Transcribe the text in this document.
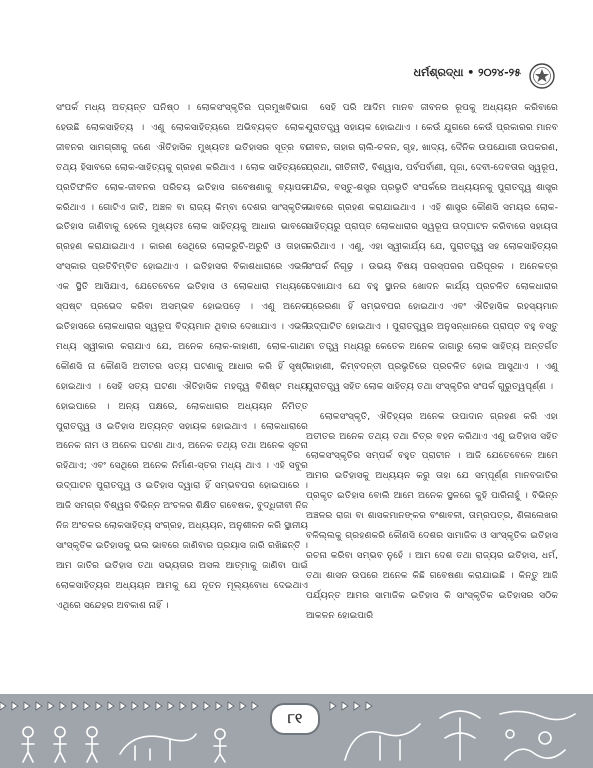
ଧର୍ମଶ୍ରଦ୍ଧା • ୨୦୨୪-୨୫

ସଂପର୍କ ମଧ୍ୟ ଅତ୍ୟନ୍ତ ଘନିଷ୍ଠ । ଲୋକସଂସ୍କୃତିର ପ୍ରମୁଖବିଭାଗ ହେଉଛି ଲୋକସାହିତ୍ୟ । ଏଣୁ ଲୋକସାହିତ୍ୟରେ ଅଭିବ୍ୟକ୍ତ ଲୋକ-ଜୀବନର ସାମଗ୍ରୀକୁ ଜଣେ ଐତିହାସିକ ମୁଖ୍ୟତଃ ଇତିହାସର ସୂତ୍ର ବା ତଥ୍ୟ ହିସାବରେ ଲୋକ-ସାହିତ୍ୟକୁ ଗ୍ରହଣ କରିଥାଏ । ଲୋକ ସାହିତ୍ୟରେ ପ୍ରତିଫଳିତ ଲୋକ-ଜୀବନର ପରିଚୟ ଇତିହାସ ଗବେଷଣାକୁ ବ୍ୟାପକ କରିଥାଏ । ଗୋଟିଏ ଜାତି, ଅଞ୍ଚଳ ବା ରାଜ୍ୟ କିମ୍ବା ଦେଶର ସାଂସ୍କୃତିକ ଇତିହାସ ଜାଣିବାକୁ ହେଲେ ମୁଖ୍ୟତଃ ଲୋକ ସାହିତ୍ୟକୁ ଆଧାର ଭାବରେ ଗ୍ରହଣ କରାଯାଇଥାଏ । କାରଣ ସେଥିରେ ଲୋକରୁଚି-ଅରୁଚି ଓ ତାହାର ସଂସ୍କାର ପ୍ରତିବିମ୍ବିତ ହୋଇଥାଏ । ଇତିହାସର ବିକାଶଧାରାରେ ଏଭଳି ଏକ ସ୍ଥିତି ଆସିଯାଏ, ଯେତେବେଳେ ଇତିହାସ ଓ ଲୋକଧାରା ମଧ୍ୟରେ ସ୍ପଷ୍ଟ ପ୍ରଭେଦ କରିବା ଅସମ୍ଭବ ହୋଇପଡ଼େ । ଏଣୁ ଅନେକ ଇତିହାସରେ ଲୋକଧାରାର ସ୍ୱରୂପ ବିଦ୍ୟମାନ ଥିବାର ଦେଖାଯାଏ । ଏଭଳି ମଧ୍ୟ ସ୍ୱୀକାର କରାଯାଏ ଯେ, ଅନେକ ଲୋକ-କାହାଣୀ, ଲୋକ-ଗାଥା କୌଣସି ନା କୌଣସି ଅତୀତର ସତ୍ୟ ଘଟଣାକୁ ଆଧାର କରି ହିଁ ସୃଷ୍ଟି ହୋଇଥାଏ । ସେହି ସତ୍ୟ ଘଟଣା ଐତିହାସିକ ମହତ୍ତ୍ୱ ବିଶିଷ୍ଟ ମଧ୍ୟ ହୋଇପାରେ । ଅନ୍ୟ ପକ୍ଷରେ, ଲୋକଧାରାର ଅଧ୍ୟୟନ ନିମିତ୍ତ ପୁରାତତ୍ତ୍ୱ ଓ ଇତିହାସ ଅତ୍ୟନ୍ତ ସହାୟକ ହୋଇଥାଏ । ଲୋକଧାରାରେ ଅନେକ ନାମ ଓ ଅନେକ ଘଟଣା ଥାଏ, ଅନେକ ତଥ୍ୟ ତଥା ଅନେକ ସୂଚନା ରହିଥାଏ; ଏବଂ ସେଥିରେ ଅନେକ ନିର୍ମାଣ-ସ୍ତର ମଧ୍ୟ ଥାଏ । ଏହି ସବୁର ଉଦ୍‌ଘାଟନ ପୁରାତତ୍ତ୍ୱ ଓ ଇତିହାସ ଦ୍ୱାରା ହିଁ ସମ୍ଭବପର ହୋଇପାରେ । ଆଜି ସମଗ୍ର ବିଶ୍ୱର ବିଭିନ୍ନ ଅଂଚଳର ଶିକ୍ଷିତ ଗବେଷକ, ବୁଦ୍ଧିଜୀବୀ ନିଜ ନିଜ ଅଂଚଳର ଲୋକସାହିତ୍ୟ ସଂଗ୍ରହ, ଅଧ୍ୟୟନ, ଅନୁଶୀଳନ କରି ସ୍ଥାନୀୟ ସାଂସ୍କୃତିକ ଇତିହାସକୁ ଭଲ ଭାବରେ ଜାଣିବାର ପ୍ରୟାସ ଜାରି ରଖିଛନ୍ତି । ଆମ ଜାତିର ଇତିହାସ ତଥା ସଭ୍ୟତାର ଅସଲ ଆତ୍ମାକୁ ଜାଣିବା ପାଇଁ ଲୋକସାହିତ୍ୟର ଅଧ୍ୟୟନ ଆମକୁ ଯେ ନୂତନ ମୂଲ୍ୟବୋଧ ଦେଇଥାଏ ଏଥିରେ ସନ୍ଦେହର ଅବକାଶ ନାହିଁ ।

ସେହି ପରି ଆଦିମ ମାନବ ଜୀବନର ରୂପକୁ ଅଧ୍ୟୟନ କରିବାରେ ପୁରାତତ୍ତ୍ୱ ସହାୟକ ହୋଇଥାଏ । କେଉଁ ଯୁଗରେ କେଉଁ ପ୍ରକାରର ମାନବ ଜୀବନ, ତାହାର ଚାଲି-ଚଳନ, ଗୃହ, ଖାଦ୍ୟ, ଦୈନିକ ଉପଯୋଗୀ ଉପକରଣ, ପ୍ରଥା, ରୀତିନୀତି, ବିଶ୍ୱାସ, ପର୍ବପର୍ବାଣୀ, ପୂଜା, ଦେବୀ-ଦେବତାର ସ୍ୱରୂପ, ମନ୍ଦିର, ବସ୍ତୁ-ଶସ୍ତ୍ର ପ୍ରଭୃତି ସଂପର୍କରେ ଅଧ୍ୟୟନକୁ ପୁରାତତ୍ତ୍ୱ ଶାସ୍ତ୍ର ଭାବରେ ଗ୍ରହଣ କରାଯାଇଥାଏ । ଏହି ଶାସ୍ତ୍ର କୌଣସି ସମୟର ଲୋକ-ସାହିତ୍ୟରୁ ପ୍ରାପ୍ତ ଲୋକଧାରାର ସ୍ୱରୂପ ଉଦ୍‌ଘାଟନ କରିବାରେ ସହାୟତା କରିଥାଏ । ଏଣୁ, ଏହା ସ୍ୱୀକାର୍ଯ୍ୟ ଯେ, ପୁରାତତ୍ତ୍ୱ ସହ ଲୋକସାହିତ୍ୟର ସଂପର୍କ ନିଗୂଢ଼ । ଉଭୟ ବିଷୟ ପରସ୍ପରର ପରିପୂରକ । ଅନେକତ୍ର ଦେଖାଯାଏ ଯେ ବହୁ ସ୍ଥାନର ଖୋଦନ କାର୍ଯ୍ୟ ପ୍ରଚଳିତ ଲୋକଧାରାର ପ୍ରେରଣା ହିଁ ସମ୍ଭବପର ହୋଇଥାଏ ଏବଂ ଐତିହାସିକ ରହସ୍ୟମାନ ଉଦ୍‌ଘାଟିତ ହୋଇଥାଏ । ପୁରାତତ୍ତ୍ୱର ଅନୁସନ୍ଧାନରେ ପ୍ରାପ୍ତ ବହୁ ବସ୍ତୁ ବା ତତ୍ତ୍ୱ ମଧ୍ୟରୁ କେତେକ ଅନେକ ଜାଗାରୁ ଲୋକ ସାହିତ୍ୟ ଅନ୍ତର୍ଗତ କାହାଣୀ, କିମ୍ବଦନ୍ତୀ ପ୍ରଭୃତିରେ ପ୍ରଚଳିତ ହୋଇ ଆସୁଥାଏ । ଏଣୁ ପୁରାତତ୍ତ୍ୱ ସହିତ ଲୋକ ସାହିତ୍ୟ ତଥା ସଂସ୍କୃତିର ସଂପର୍କ ଗୁରୁତ୍ୱପୂର୍ଣ୍ଣ ।

ଲୋକସଂସ୍କୃତି, ଐତିହ୍ୟର ଅନେକ ଉପାଦାନ ଗ୍ରହଣ କରି ଏହା ଅତୀତର ଅନେକ ତଥ୍ୟ ତଥା ଚିତ୍ର ବହନ କରିଥାଏ ଏଣୁ ଇତିହାସ ସହିତ ଲୋକସଂସ୍କୃତିର ସମ୍ପର୍କ ବହୁତ ପ୍ରାଚୀନ । ଆଜି ଯେତେବେଳେ ଆମେ ଆମର ଇତିହାସକୁ ଅଧ୍ୟୟନ କରୁ ତାହା ଯେ ସମ୍ପୂର୍ଣ୍ଣ ମାନବଜାତିର ପ୍ରକୃତ ଇତିହାସ ବୋଲି ଆମେ ଅନେକ ସ୍ଥଳରେ କୁହି ପାରିନାହୁଁ । ବିଭିନ୍ନ ଅଞ୍ଚଳର ରାଜା ବା ଶାସକମାନଙ୍କର ବଂଶାବଳୀ, ତାମ୍ରପତ୍ର, ଶିଳାଲେଖର ବଳିଲ୍ଲକୁ ଗ୍ରହଣକରି କୌଣସି ଦେଶର ସାମାଜିକ ଓ ସାଂସ୍କୃତିକ ଇତିହାସ ରଚନା କରିବା ସମ୍ଭବ ନୁହେଁ । ଆମ ଦେଶ ତଥା ରାଜ୍ୟର ଇତିହାସ, ଧର୍ମ, ତଥା ଶାସନ ଉପରେ ଅନେକ କିଛି ଗବେଷଣା କରାଯାଇଛି । କିନ୍ତୁ ଆଜି ପର୍ଯ୍ୟନ୍ତ ଆମର ସାମାଜିକ ଇତିହାସ କି ସାଂସ୍କୃତିକ ଇତିହାସର ସଠିକ ଆକଳନ ହୋଇପାରି

୮୧
